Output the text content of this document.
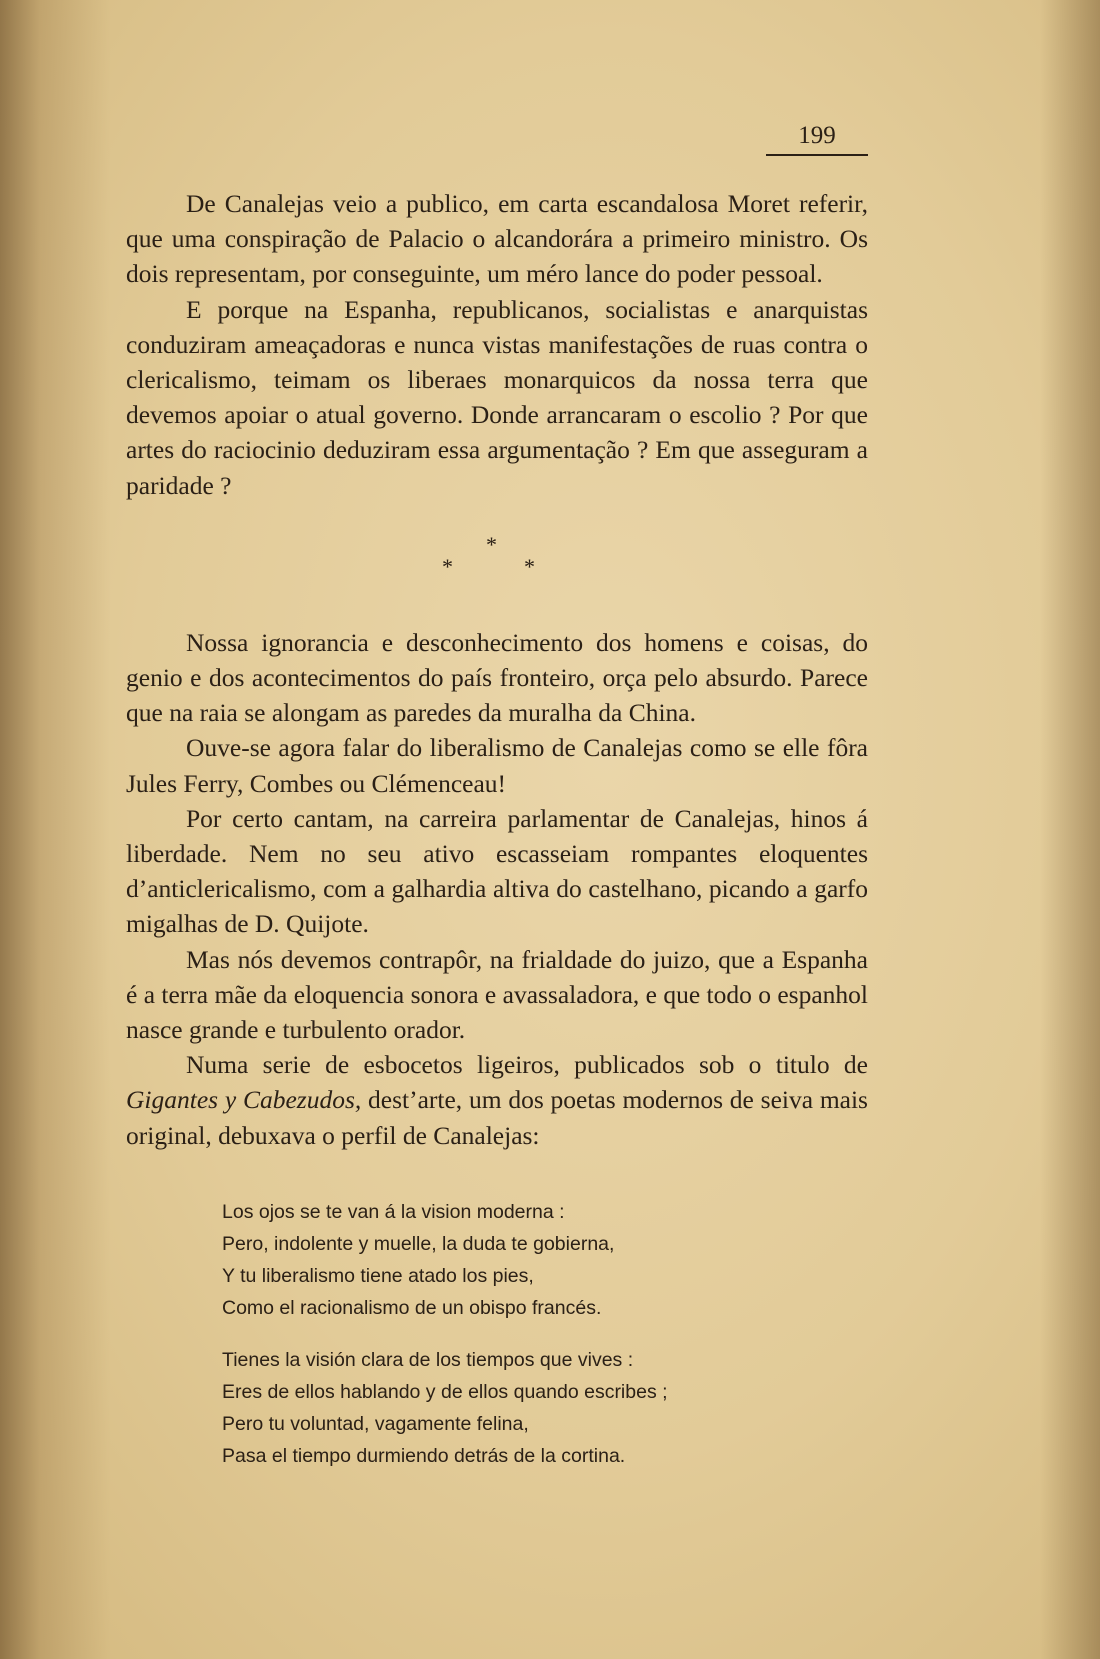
199

De Canalejas veio a publico, em carta escandalosa Moret referir, que uma conspiração de Palacio o alcandorára a primeiro ministro. Os dois representam, por conseguinte, um méro lance do poder pessoal.

E porque na Espanha, republicanos, socialistas e anarquistas conduziram ameaçadoras e nunca vistas manifestações de ruas contra o clericalismo, teimam os liberaes monarquicos da nossa terra que devemos apoiar o atual governo. Donde arrancaram o escolio ? Por que artes do raciocinio deduziram essa argumentação ? Em que asseguram a paridade ?

*
*	*

Nossa ignorancia e desconhecimento dos homens e coisas, do genio e dos acontecimentos do país fronteiro, orça pelo absurdo. Parece que na raia se alongam as paredes da muralha da China.

Ouve-se agora falar do liberalismo de Canalejas como se elle fôra Jules Ferry, Combes ou Clémenceau!

Por certo cantam, na carreira parlamentar de Canalejas, hinos á liberdade. Nem no seu ativo escasseiam rompantes eloquentes d’anticlericalismo, com a galhardia altiva do castelhano, picando a garfo migalhas de D. Quijote.

Mas nós devemos contrapôr, na frialdade do juizo, que a Espanha é a terra mãe da eloquencia sonora e avassaladora, e que todo o espanhol nasce grande e turbulento orador.

Numa serie de esbocetos ligeiros, publicados sob o titulo de Gigantes y Cabezudos, dest’arte, um dos poetas modernos de seiva mais original, debuxava o perfil de Canalejas:

Los ojos se te van á la vision moderna :
Pero, indolente y muelle, la duda te gobierna,
Y tu liberalismo tiene atado los pies,
Como el racionalismo de un obispo francés.
Tienes la visión clara de los tiempos que vives :
Eres de ellos hablando y de ellos quando escribes ;
Pero tu voluntad, vagamente felina,
Pasa el tiempo durmiendo detrás de la cortina.
